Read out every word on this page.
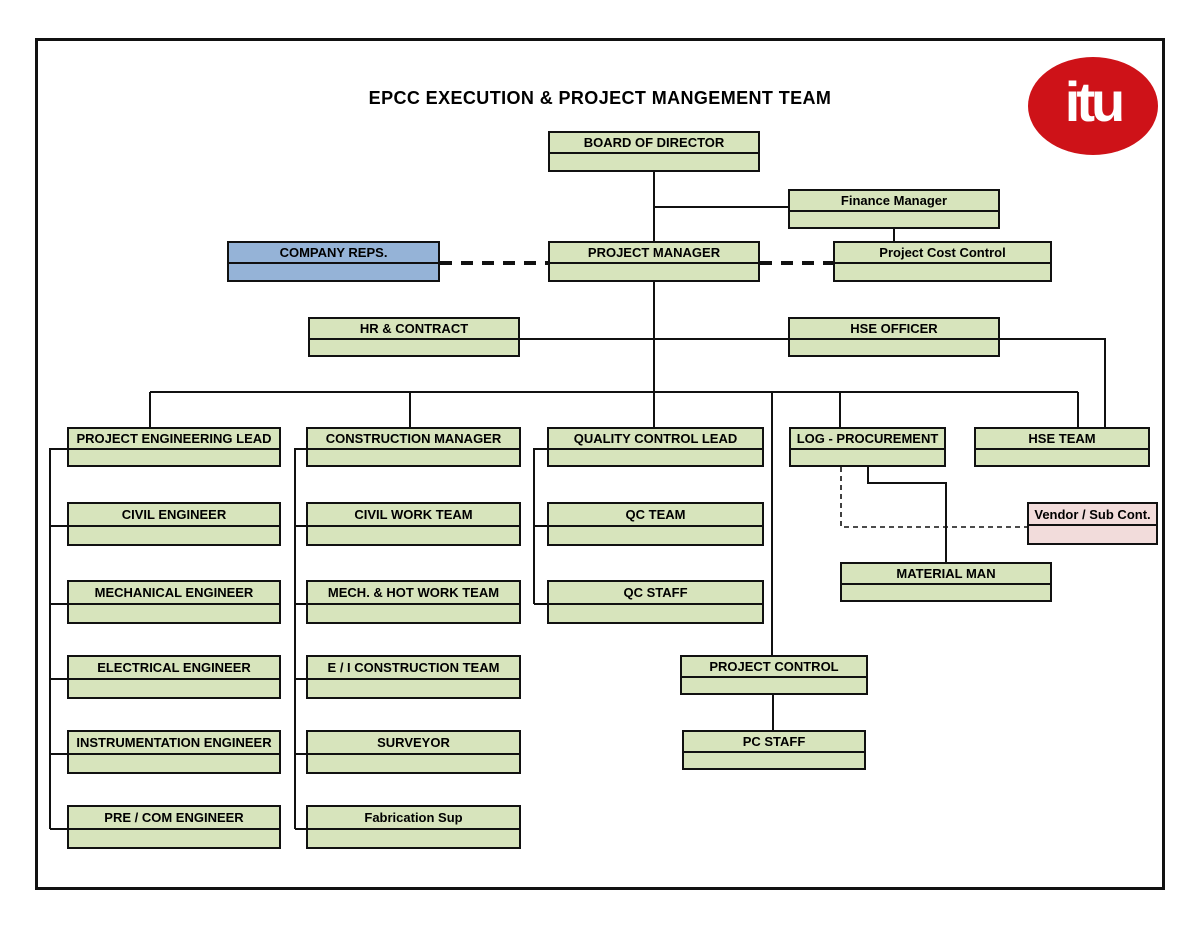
EPCC EXECUTION & PROJECT MANGEMENT TEAM	itu
BOARD OF DIRECTOR
Finance Manager
COMPANY REPS.	PROJECT MANAGER	Project Cost Control
HR & CONTRACT	HSE OFFICER
PROJECT ENGINEERING LEAD	CONSTRUCTION MANAGER	QUALITY CONTROL LEAD	LOG - PROCUREMENT	HSE TEAM
CIVIL ENGINEER
MECHANICAL ENGINEER
ELECTRICAL ENGINEER
INSTRUMENTATION ENGINEER
PRE / COM ENGINEER
CIVIL WORK TEAM
MECH. & HOT WORK TEAM
E / I CONSTRUCTION TEAM
SURVEYOR
Fabrication Sup
QC TEAM
QC STAFF
PROJECT CONTROL
PC STAFF
MATERIAL MAN
Vendor / Sub Cont.
